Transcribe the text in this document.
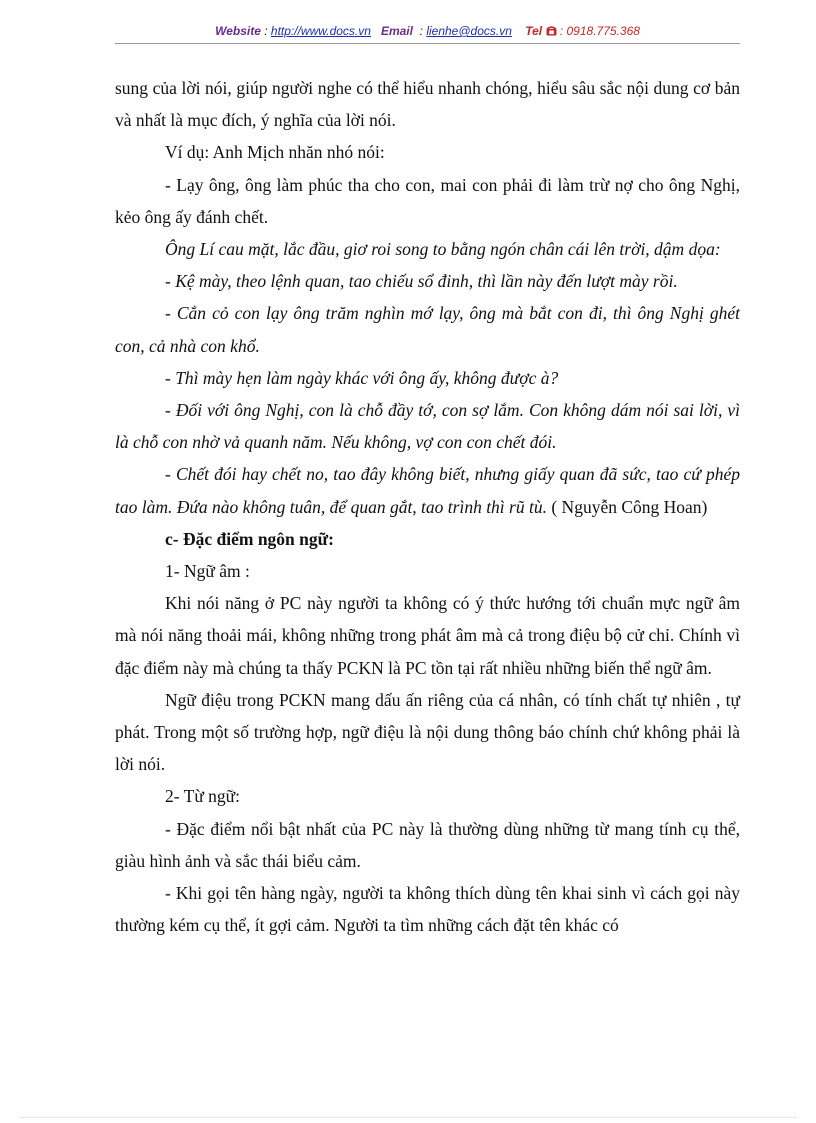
Website : http://www.docs.vn Email  : lienhe@docs.vn Tel : 0918.775.368

sung của lời nói, giúp người nghe có thể hiểu nhanh chóng, hiểu sâu sắc nội dung cơ bản và nhất là mục đích, ý nghĩa của lời nói.

Ví dụ: Anh Mịch nhăn nhó nói:

- Lạy ông, ông làm phúc tha cho con, mai con phải đi làm trừ nợ cho ông Nghị, kẻo ông ấy đánh chết.

Ông Lí cau mặt, lắc đầu, giơ roi song to bằng ngón chân cái lên trời, dậm dọa:

- Kệ mày, theo lệnh quan, tao chiếu sổ đinh, thì lần này đến lượt mày rồi.

- Cắn cỏ con lạy ông trăm nghìn mớ lạy, ông mà bắt con đi, thì ông Nghị ghét con, cả nhà con khổ.

- Thì mày hẹn làm ngày khác với ông ấy, không được à?

- Đối với ông Nghị, con là chỗ đầy tớ, con sợ lắm. Con không dám nói sai lời, vì là chỗ con nhờ vả quanh năm. Nếu không, vợ con con chết đói.

- Chết đói hay chết no, tao đây không biết, nhưng giấy quan đã sức, tao cứ phép tao làm. Đứa nào không tuân, để quan gắt, tao trình thì rũ tù. ( Nguyễn Công Hoan)

c- Đặc điểm ngôn ngữ:

1- Ngữ âm :

Khi nói năng ở PC này người ta không có ý thức hướng tới chuẩn mực ngữ âm mà nói năng thoải mái, không những trong phát âm mà cả trong điệu bộ cử chỉ. Chính vì đặc điểm này mà chúng ta thấy PCKN là PC tồn tại rất nhiều những biến thể ngữ âm.

Ngữ điệu trong PCKN mang dấu ấn riêng của cá nhân, có tính chất tự nhiên , tự phát. Trong một số trường hợp, ngữ điệu là nội dung thông báo chính chứ không phải là lời nói.

2- Từ ngữ:

- Đặc điểm nổi bật nhất của PC này là thường dùng những từ mang tính cụ thể, giàu hình ảnh và sắc thái biểu cảm.

- Khi gọi tên hàng ngày, người ta không thích dùng tên khai sinh vì cách gọi này thường kém cụ thể, ít gợi cảm. Người ta tìm những cách đặt tên khác có
